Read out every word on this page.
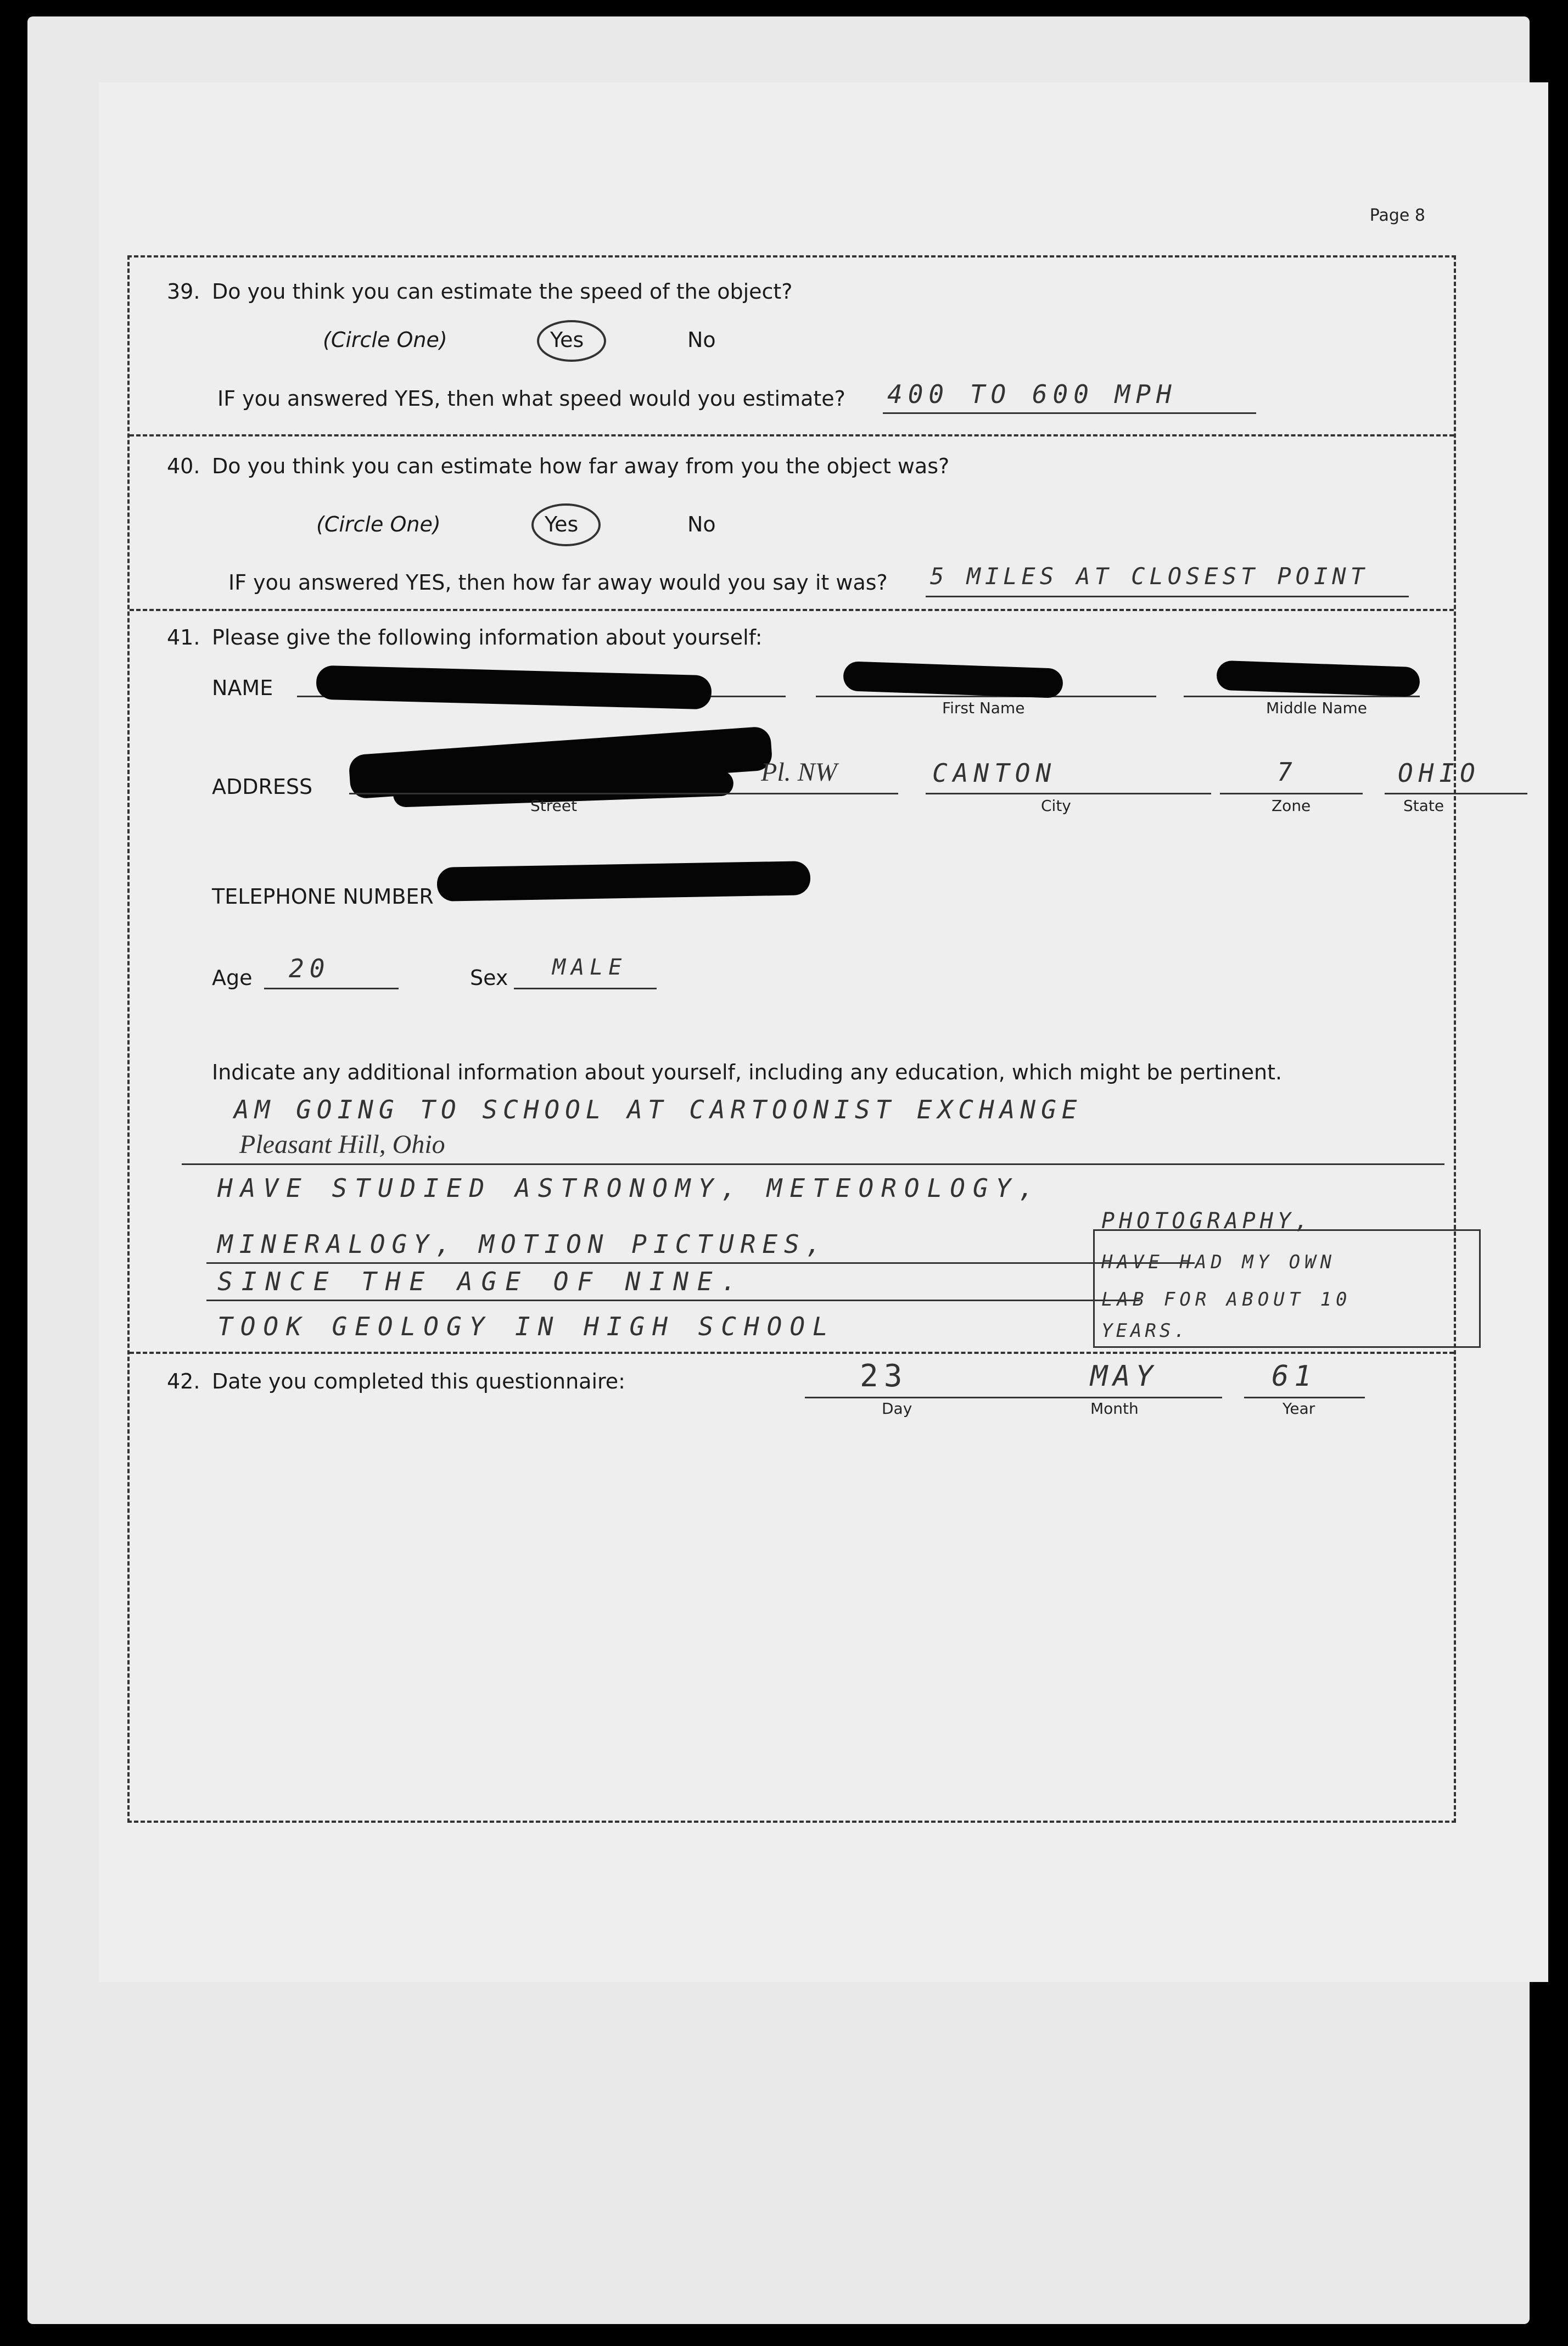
Page 8
39. Do you think you can estimate the speed of the object?
(Circle One)	Yes	No
IF you answered YES, then what speed would you estimate? 400 TO 600 MPH
40. Do you think you can estimate how far away from you the object was?
(Circle One)	Yes	No
IF you answered YES, then how far away would you say it was? 5 MILES AT CLOSEST POINT
41. Please give the following information about yourself:
NAME
First Name	Middle Name
ADDRESS	Pl. NW
Street
CANTON
City
7
Zone
OHIO
State
TELEPHONE NUMBER
Age 20	Sex MALE
Indicate any additional information about yourself, including any education, which might be pertinent.
AM GOING TO SCHOOL AT CARTOONIST EXCHANGE
Pleasant Hill, Ohio
HAVE STUDIED ASTRONOMY, METEOROLOGY,
MINERALOGY, MOTION PICTURES,
SINCE THE AGE OF NINE.
TOOK GEOLOGY IN HIGH SCHOOL
PHOTOGRAPHY,
HAVE HAD MY OWN
LAB FOR ABOUT 10
YEARS.
42. Date you completed this questionnaire:	23
Day
MAY
Month
61
Year
